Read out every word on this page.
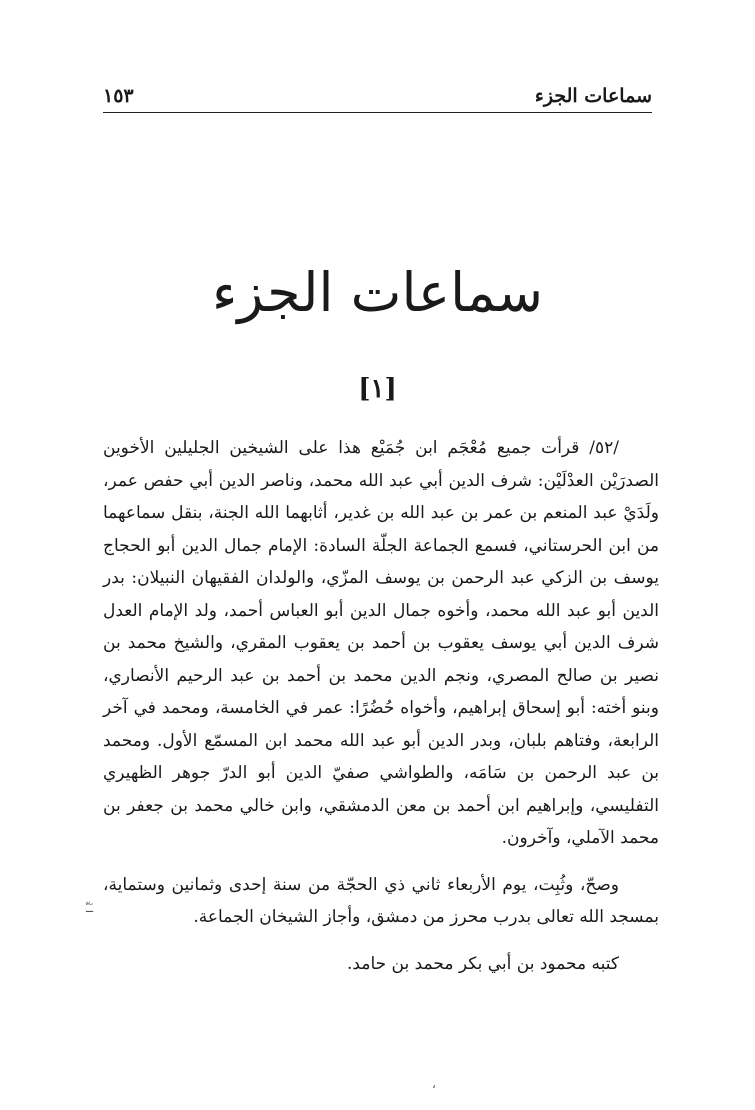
سماعات الجزء
١٥٣
سماعات الجزء
[١]

/٥٢/ قرأت جميع مُعْجَم ابن جُمَيْع هذا على الشيخين الجليلين الأخوين الصدرَيْن العدْلَيْن: شرف الدين أبي عبد الله محمد، وناصر الدين أبي حفص عمر، ولَدَيْ عبد المنعم بن عمر بن عبد الله بن غدير، أثابهما الله الجنة، بنقل سماعهما من ابن الحرستاني، فسمع الجماعة الجلّة السادة: الإمام جمال الدين أبو الحجاج يوسف بن الزكي عبد الرحمن بن يوسف المزّي، والولدان الفقيهان النبيلان: بدر الدين أبو عبد الله محمد، وأخوه جمال الدين أبو العباس أحمد، ولد الإمام العدل شرف الدين أبي يوسف يعقوب بن أحمد بن يعقوب المقري، والشيخ محمد بن نصير بن صالح المصري، ونجم الدين محمد بن أحمد بن عبد الرحيم الأنصاري، وبنو أخته: أبو إسحاق إبراهيم، وأخواه حُضُرًا: عمر في الخامسة، ومحمد في آخر الرابعة، وفتاهم بلبان، وبدر الدين أبو عبد الله محمد ابن المسمّع الأول. ومحمد بن عبد الرحمن بن سَامَه، والطواشي صفيّ الدين أبو الدرّ جوهر الظهيري التفليسي، وإبراهيم ابن أحمد بن معن الدمشقي، وابن خالي محمد بن جعفر بن محمد الآملي، وآخرون.

وصحّ، وثُبِت، يوم الأربعاء ثاني ذي الحجّة من سنة إحدى وثمانين وستماية، بمسجد الله تعالى بدرب محرز من دمشق، وأجاز الشيخان الجماعة.

كتبه محمود بن أبي بكر محمد بن حامد.

ـَـّ
،
